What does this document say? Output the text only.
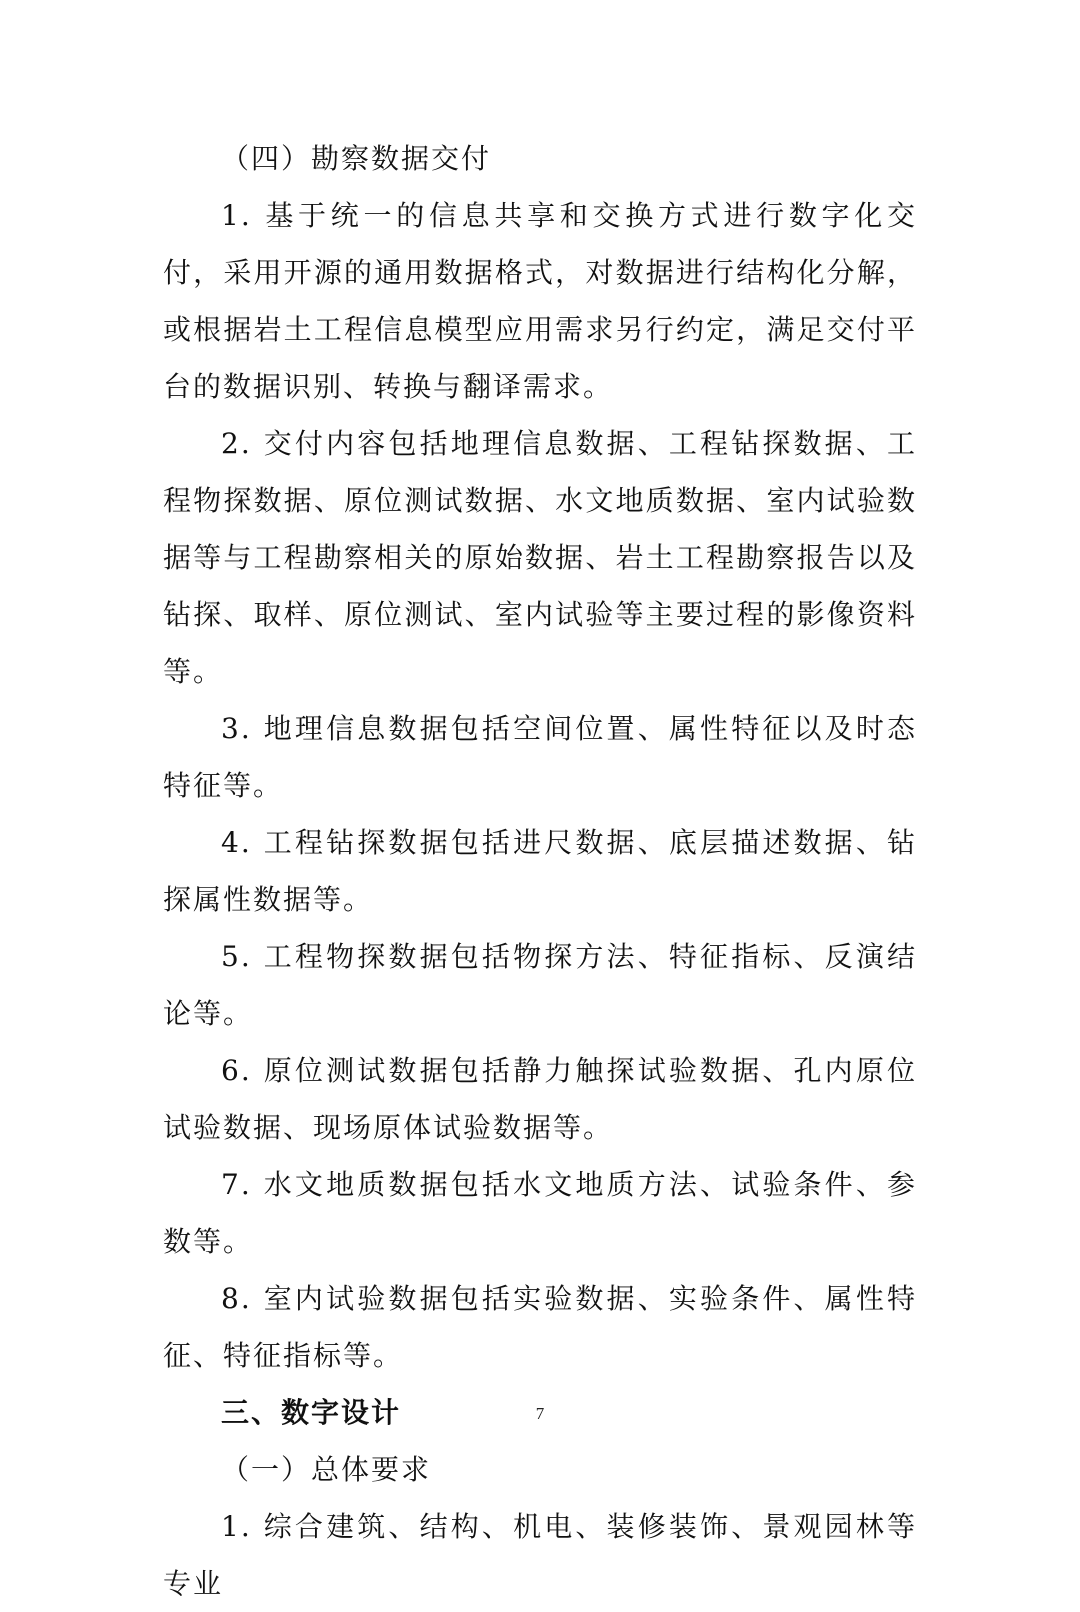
（四）勘察数据交付

1. 基于统一的信息共享和交换方式进行数字化交付，采用开源的通用数据格式，对数据进行结构化分解，或根据岩土工程信息模型应用需求另行约定，满足交付平台的数据识别、转换与翻译需求。

2. 交付内容包括地理信息数据、工程钻探数据、工程物探数据、原位测试数据、水文地质数据、室内试验数据等与工程勘察相关的原始数据、岩土工程勘察报告以及钻探、取样、原位测试、室内试验等主要过程的影像资料等。

3. 地理信息数据包括空间位置、属性特征以及时态特征等。

4. 工程钻探数据包括进尺数据、底层描述数据、钻探属性数据等。

5. 工程物探数据包括物探方法、特征指标、反演结论等。

6. 原位测试数据包括静力触探试验数据、孔内原位试验数据、现场原体试验数据等。

7. 水文地质数据包括水文地质方法、试验条件、参数等。

8. 室内试验数据包括实验数据、实验条件、属性特征、特征指标等。

三、数字设计

（一）总体要求

1. 综合建筑、结构、机电、装修装饰、景观园林等专业

7
